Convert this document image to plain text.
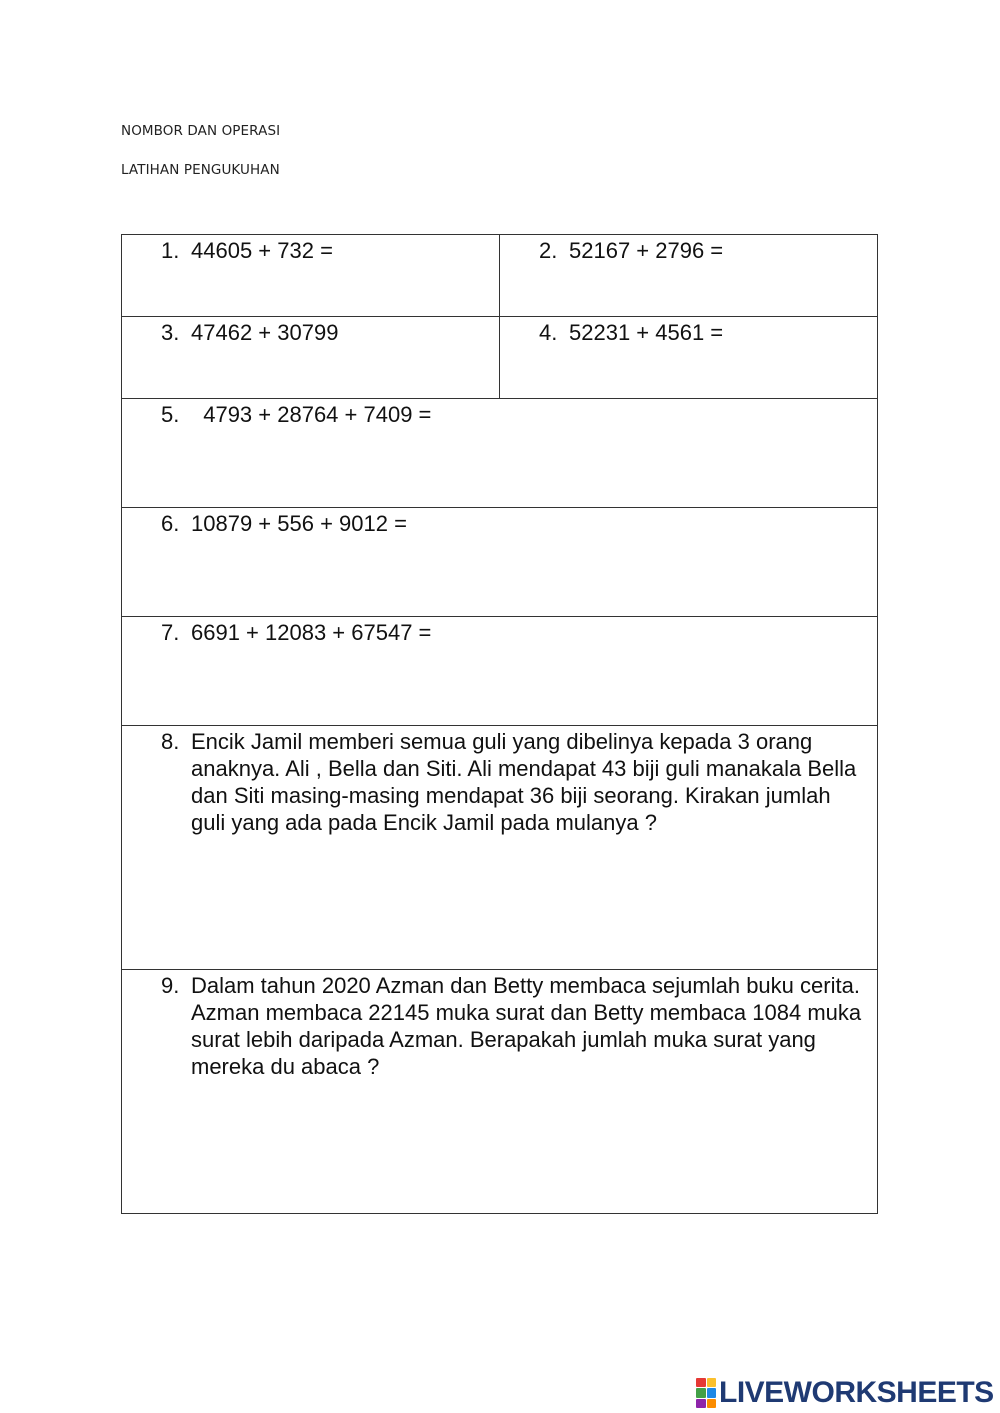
NOMBOR DAN OPERASI
LATIHAN PENGUKUHAN
1. 44605 + 732 =	2. 52167 + 2796 =
3. 47462 + 30799	4. 52231 + 4561 =
5. 4793 + 28764 + 7409 =
6. 10879 + 556 + 9012 =
7. 6691 + 12083 + 67547 =
8. Encik Jamil memberi semua guli yang dibelinya kepada 3 orang anaknya. Ali , Bella dan Siti. Ali mendapat 43 biji guli manakala Bella dan Siti masing-masing mendapat 36 biji seorang. Kirakan jumlah guli yang ada pada Encik Jamil pada mulanya ?
9. Dalam tahun 2020 Azman dan Betty membaca sejumlah buku cerita. Azman membaca 22145 muka surat dan Betty membaca 1084 muka surat lebih daripada Azman. Berapakah jumlah muka surat yang mereka du abaca ?
LIVEWORKSHEETS
